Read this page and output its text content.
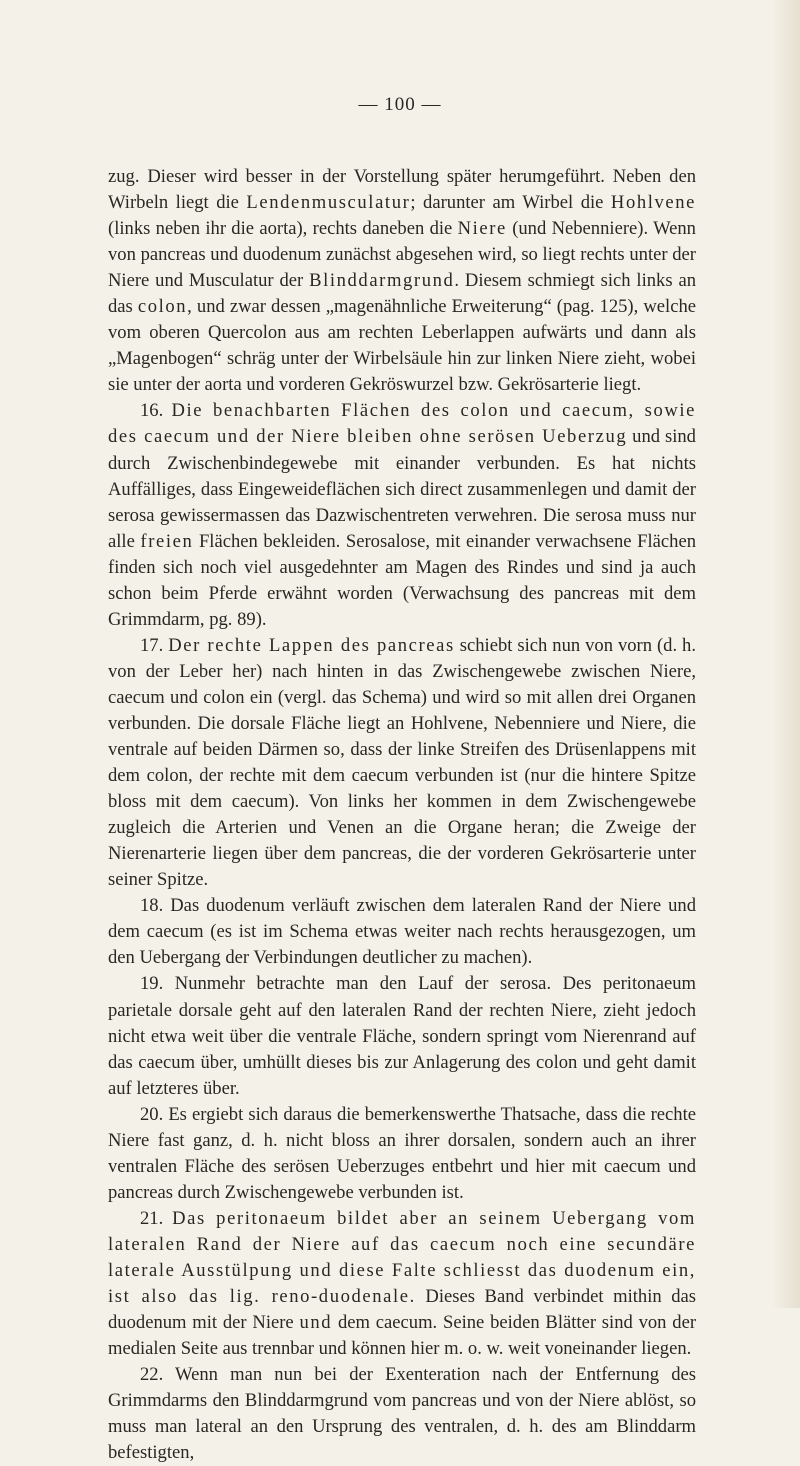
— 100 —

zug. Dieser wird besser in der Vorstellung später herumgeführt. Neben den Wirbeln liegt die Lendenmusculatur; darunter am Wirbel die Hohlvene (links neben ihr die aorta), rechts daneben die Niere (und Nebenniere). Wenn von pancreas und duodenum zunächst abgesehen wird, so liegt rechts unter der Niere und Musculatur der Blinddarmgrund. Diesem schmiegt sich links an das colon, und zwar dessen „magenähnliche Erweiterung“ (pag. 125), welche vom oberen Quercolon aus am rechten Leberlappen aufwärts und dann als „Magenbogen“ schräg unter der Wirbelsäule hin zur linken Niere zieht, wobei sie unter der aorta und vorderen Gekröswurzel bzw. Gekrösarterie liegt.

16. Die benachbarten Flächen des colon und caecum, sowie des caecum und der Niere bleiben ohne serösen Ueberzug und sind durch Zwischenbindegewebe mit einander verbunden. Es hat nichts Auffälliges, dass Eingeweideflächen sich direct zusammenlegen und damit der serosa gewissermassen das Dazwischentreten verwehren. Die serosa muss nur alle freien Flächen bekleiden. Serosalose, mit einander verwachsene Flächen finden sich noch viel ausgedehnter am Magen des Rindes und sind ja auch schon beim Pferde erwähnt worden (Verwachsung des pancreas mit dem Grimmdarm, pg. 89).

17. Der rechte Lappen des pancreas schiebt sich nun von vorn (d. h. von der Leber her) nach hinten in das Zwischengewebe zwischen Niere, caecum und colon ein (vergl. das Schema) und wird so mit allen drei Organen verbunden. Die dorsale Fläche liegt an Hohlvene, Nebenniere und Niere, die ventrale auf beiden Därmen so, dass der linke Streifen des Drüsenlappens mit dem colon, der rechte mit dem caecum verbunden ist (nur die hintere Spitze bloss mit dem caecum). Von links her kommen in dem Zwischengewebe zugleich die Arterien und Venen an die Organe heran; die Zweige der Nierenarterie liegen über dem pancreas, die der vorderen Gekrösarterie unter seiner Spitze.

18. Das duodenum verläuft zwischen dem lateralen Rand der Niere und dem caecum (es ist im Schema etwas weiter nach rechts herausgezogen, um den Uebergang der Verbindungen deutlicher zu machen).

19. Nunmehr betrachte man den Lauf der serosa. Des peritonaeum parietale dorsale geht auf den lateralen Rand der rechten Niere, zieht jedoch nicht etwa weit über die ventrale Fläche, sondern springt vom Nierenrand auf das caecum über, umhüllt dieses bis zur Anlagerung des colon und geht damit auf letzteres über.

20. Es ergiebt sich daraus die bemerkenswerthe Thatsache, dass die rechte Niere fast ganz, d. h. nicht bloss an ihrer dorsalen, sondern auch an ihrer ventralen Fläche des serösen Ueberzuges entbehrt und hier mit caecum und pancreas durch Zwischengewebe verbunden ist.

21. Das peritonaeum bildet aber an seinem Uebergang vom lateralen Rand der Niere auf das caecum noch eine secundäre laterale Ausstülpung und diese Falte schliesst das duodenum ein, ist also das lig. reno-duodenale. Dieses Band verbindet mithin das duodenum mit der Niere und dem caecum. Seine beiden Blätter sind von der medialen Seite aus trennbar und können hier m. o. w. weit voneinander liegen.

22. Wenn man nun bei der Exenteration nach der Entfernung des Grimmdarms den Blinddarmgrund vom pancreas und von der Niere ablöst, so muss man lateral an den Ursprung des ventralen, d. h. des am Blinddarm befestigten,
